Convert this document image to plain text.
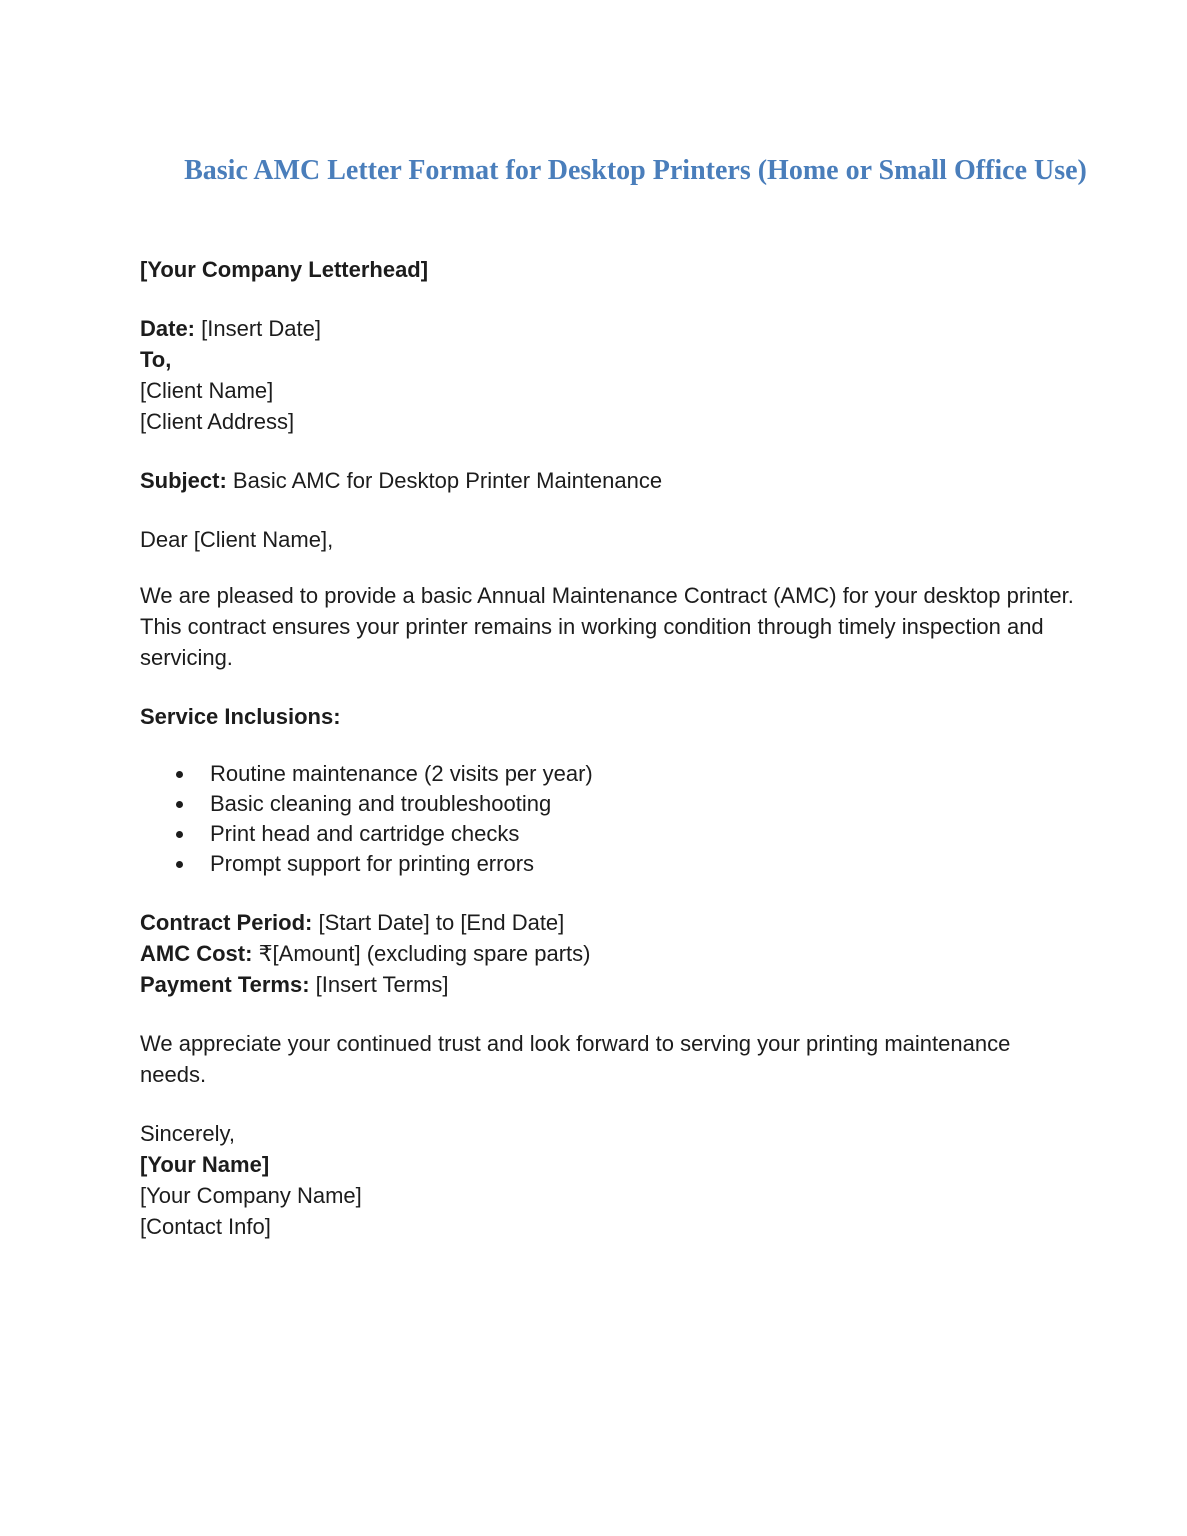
Basic AMC Letter Format for Desktop Printers (Home or Small Office Use)
[Your Company Letterhead]
Date: [Insert Date]
To,
[Client Name]
[Client Address]
Subject: Basic AMC for Desktop Printer Maintenance
Dear [Client Name],
We are pleased to provide a basic Annual Maintenance Contract (AMC) for your desktop printer. This contract ensures your printer remains in working condition through timely inspection and servicing.
Service Inclusions:
Routine maintenance (2 visits per year)
Basic cleaning and troubleshooting
Print head and cartridge checks
Prompt support for printing errors
Contract Period: [Start Date] to [End Date]
AMC Cost: ₹[Amount] (excluding spare parts)
Payment Terms: [Insert Terms]
We appreciate your continued trust and look forward to serving your printing maintenance needs.
Sincerely,
[Your Name]
[Your Company Name]
[Contact Info]
